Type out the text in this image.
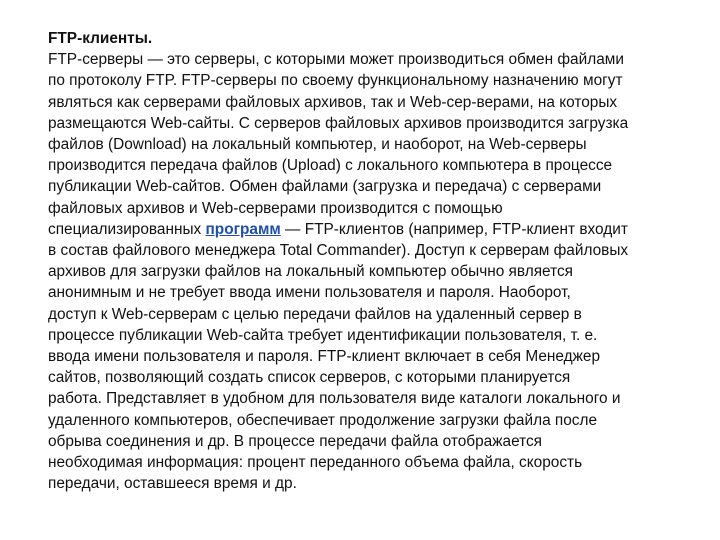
FTP-клиенты.
FTP-серверы — это серверы, с которыми может производиться обмен файлами
по протоколу FTP. FTP-серверы по своему функциональному назначению могут
являться как серверами файловых архивов, так и Web-сер-верами, на которых
размещаются Web-сайты. С серверов файловых архивов производится загрузка
файлов (Download) на локальный компьютер, и наоборот, на Web-серверы
производится передача файлов (Upload) с локального компьютера в процессе
публикации Web-сайтов. Обмен файлами (загрузка и передача) с серверами
файловых архивов и Web-серверами производится с помощью
специализированных программ — FTP-клиентов (например, FTP-клиент входит
в состав файлового менеджера Total Commander). Доступ к серверам файловых
архивов для загрузки файлов на локальный компьютер обычно является
анонимным и не требует ввода имени пользователя и пароля. Наоборот,
доступ к Web-серверам с целью передачи файлов на удаленный сервер в
процессе публикации Web-сайта требует идентификации пользователя, т. е.
ввода имени пользователя и пароля. FTP-клиент включает в себя Менеджер
сайтов, позволяющий создать список серверов, с которыми планируется
работа. Представляет в удобном для пользователя виде каталоги локального и
удаленного компьютеров, обеспечивает продолжение загрузки файла после
обрыва соединения и др. В процессе передачи файла отображается
необходимая информация: процент переданного объема файла, скорость
передачи, оставшееся время и др.
